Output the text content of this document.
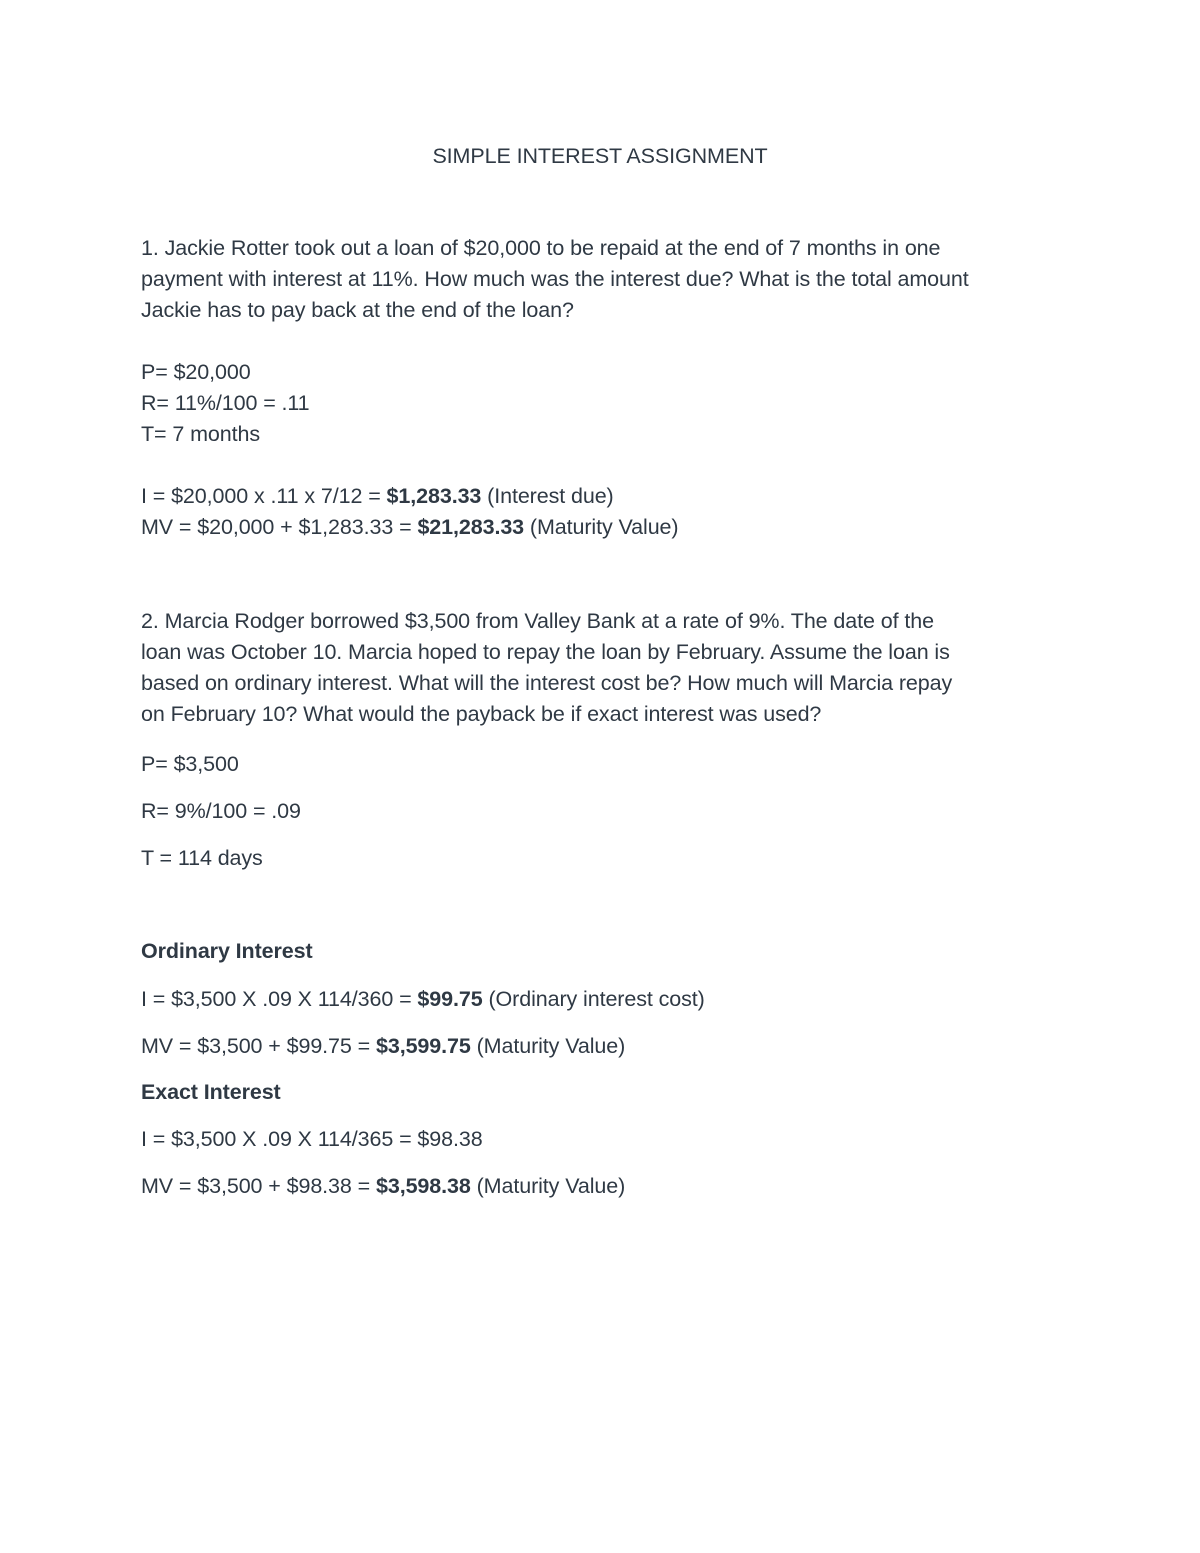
SIMPLE INTEREST ASSIGNMENT
1. Jackie Rotter took out a loan of $20,000 to be repaid at the end of 7 months in one
payment with interest at 11%. How much was the interest due? What is the total amount
Jackie has to pay back at the end of the loan?
P= $20,000
R= 11%/100 = .11
T= 7 months
I = $20,000 x .11 x 7/12 = $1,283.33 (Interest due)
MV = $20,000 + $1,283.33 = $21,283.33 (Maturity Value)
2. Marcia Rodger borrowed $3,500 from Valley Bank at a rate of 9%. The date of the
loan was October 10. Marcia hoped to repay the loan by February. Assume the loan is
based on ordinary interest. What will the interest cost be? How much will Marcia repay
on February 10? What would the payback be if exact interest was used?
P= $3,500
R= 9%/100 = .09
T = 114 days
Ordinary Interest
I = $3,500 X .09 X 114/360 = $99.75 (Ordinary interest cost)
MV = $3,500 + $99.75 = $3,599.75 (Maturity Value)
Exact Interest
I = $3,500 X .09 X 114/365 = $98.38
MV = $3,500 + $98.38 = $3,598.38 (Maturity Value)
